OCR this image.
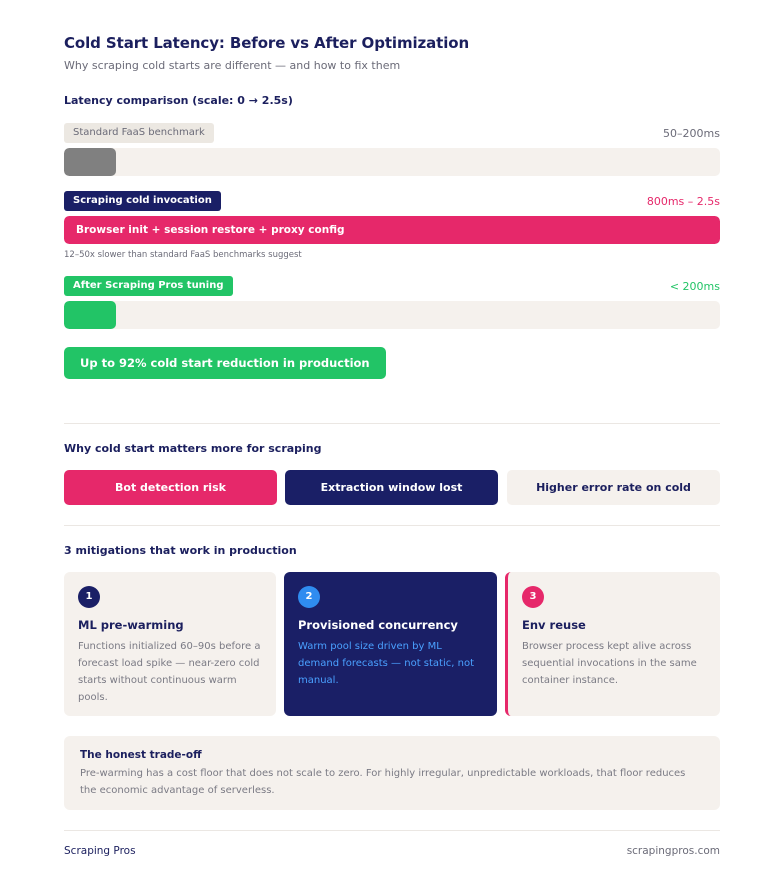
Cold Start Latency: Before vs After Optimization
Why scraping cold starts are different — and how to fix them
Latency comparison (scale: 0 → 2.5s)
Standard FaaS benchmark	50–200ms
Scraping cold invocation	800ms – 2.5s
Browser init + session restore + proxy config
12–50x slower than standard FaaS benchmarks suggest
After Scraping Pros tuning	< 200ms
Up to 92% cold start reduction in production
Why cold start matters more for scraping
Bot detection risk	Extraction window lost	Higher error rate on cold
3 mitigations that work in production
1
ML pre-warming
Functions initialized 60–90s before a forecast load spike — near-zero cold starts without continuous warm pools.
2
Provisioned concurrency
Warm pool size driven by ML demand forecasts — not static, not manual.
3
Env reuse
Browser process kept alive across sequential invocations in the same container instance.
The honest trade-off
Pre-warming has a cost floor that does not scale to zero. For highly irregular, unpredictable workloads, that floor reduces the economic advantage of serverless.
Scraping Pros	scrapingpros.com
